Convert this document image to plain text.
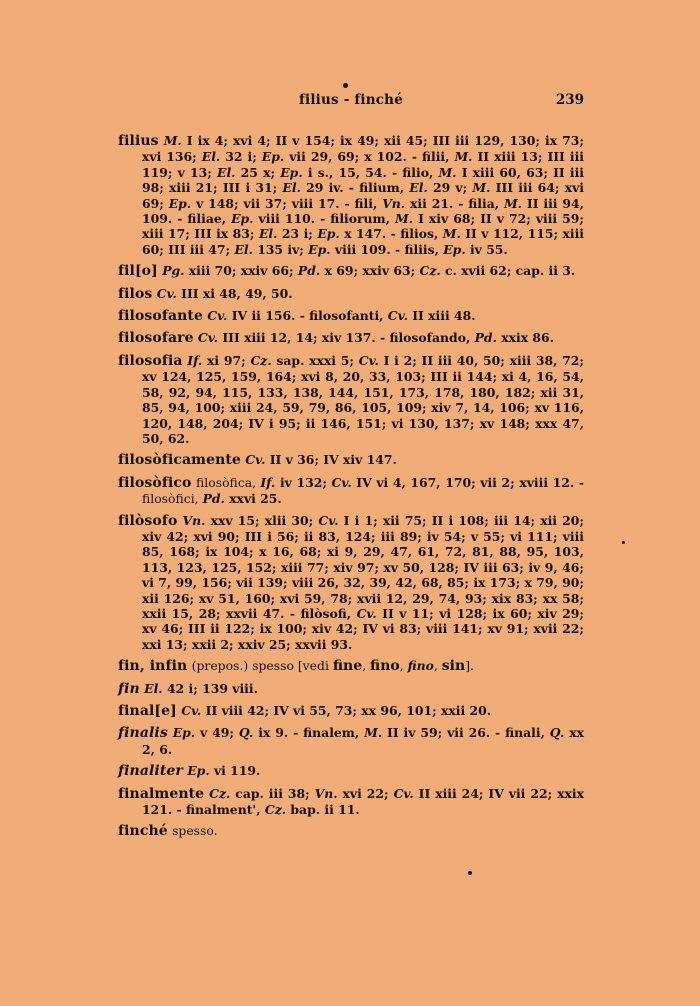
filius - finché	239

filius M. I ix 4; xvi 4; II v 154; ix 49; xii 45; III iii 129, 130; ix 73; xvi 136; El. 32 i; Ep. vii 29, 69; x 102. - filii, M. II xiii 13; III iii 119; v 13; El. 25 x; Ep. i s., 15, 54. - filio, M. I xiii 60, 63; II iii 98; xiii 21; III i 31; El. 29 iv. - filium, El. 29 v; M. III iii 64; xvi 69; Ep. v 148; vii 37; viii 17. - fili, Vn. xii 21. - filia, M. II iii 94, 109. - filiae, Ep. viii 110. - filiorum, M. I xiv 68; II v 72; viii 59; xiii 17; III ix 83; El. 23 i; Ep. x 147. - filios, M. II v 112, 115; xiii 60; III iii 47; El. 135 iv; Ep. viii 109. - filiis, Ep. iv 55.

fil[o] Pg. xiii 70; xxiv 66; Pd. x 69; xxiv 63; Cz. c. xvii 62; cap. ii 3.

filos Cv. III xi 48, 49, 50.

filosofante Cv. IV ii 156. - filosofanti, Cv. II xiii 48.

filosofare Cv. III xiii 12, 14; xiv 137. - filosofando, Pd. xxix 86.

filosofia If. xi 97; Cz. sap. xxxi 5; Cv. I i 2; II iii 40, 50; xiii 38, 72; xv 124, 125, 159, 164; xvi 8, 20, 33, 103; III ii 144; xi 4, 16, 54, 58, 92, 94, 115, 133, 138, 144, 151, 173, 178, 180, 182; xii 31, 85, 94, 100; xiii 24, 59, 79, 86, 105, 109; xiv 7, 14, 106; xv 116, 120, 148, 204; IV i 95; ii 146, 151; vi 130, 137; xv 148; xxx 47, 50, 62.

filosòficamente Cv. II v 36; IV xiv 147.

filosòfico filosòfica, If. iv 132; Cv. IV vi 4, 167, 170; vii 2; xviii 12. - filosòfici, Pd. xxvi 25.

filòsofo Vn. xxv 15; xlii 30; Cv. I i 1; xii 75; II i 108; iii 14; xii 20; xiv 42; xvi 90; III i 56; ii 83, 124; iii 89; iv 54; v 55; vi 111; viii 85, 168; ix 104; x 16, 68; xi 9, 29, 47, 61, 72, 81, 88, 95, 103, 113, 123, 125, 152; xiii 77; xiv 97; xv 50, 128; IV iii 63; iv 9, 46; vi 7, 99, 156; vii 139; viii 26, 32, 39, 42, 68, 85; ix 173; x 79, 90; xii 126; xv 51, 160; xvi 59, 78; xvii 12, 29, 74, 93; xix 83; xx 58; xxii 15, 28; xxvii 47. - filòsofi, Cv. II v 11; vi 128; ix 60; xiv 29; xv 46; III ii 122; ix 100; xiv 42; IV vi 83; viii 141; xv 91; xvii 22; xxi 13; xxii 2; xxiv 25; xxvii 93.

fin, infin (prepos.) spesso [vedi fine, fino, fino, sin].

fin El. 42 i; 139 viii.

final[e] Cv. II viii 42; IV vi 55, 73; xx 96, 101; xxii 20.

finalis Ep. v 49; Q. ix 9. - finalem, M. II iv 59; vii 26. - finali, Q. xx 2, 6.

finaliter Ep. vi 119.

finalmente Cz. cap. iii 38; Vn. xvi 22; Cv. II xiii 24; IV vii 22; xxix 121. - finalment', Cz. bap. ii 11.

finché spesso.
